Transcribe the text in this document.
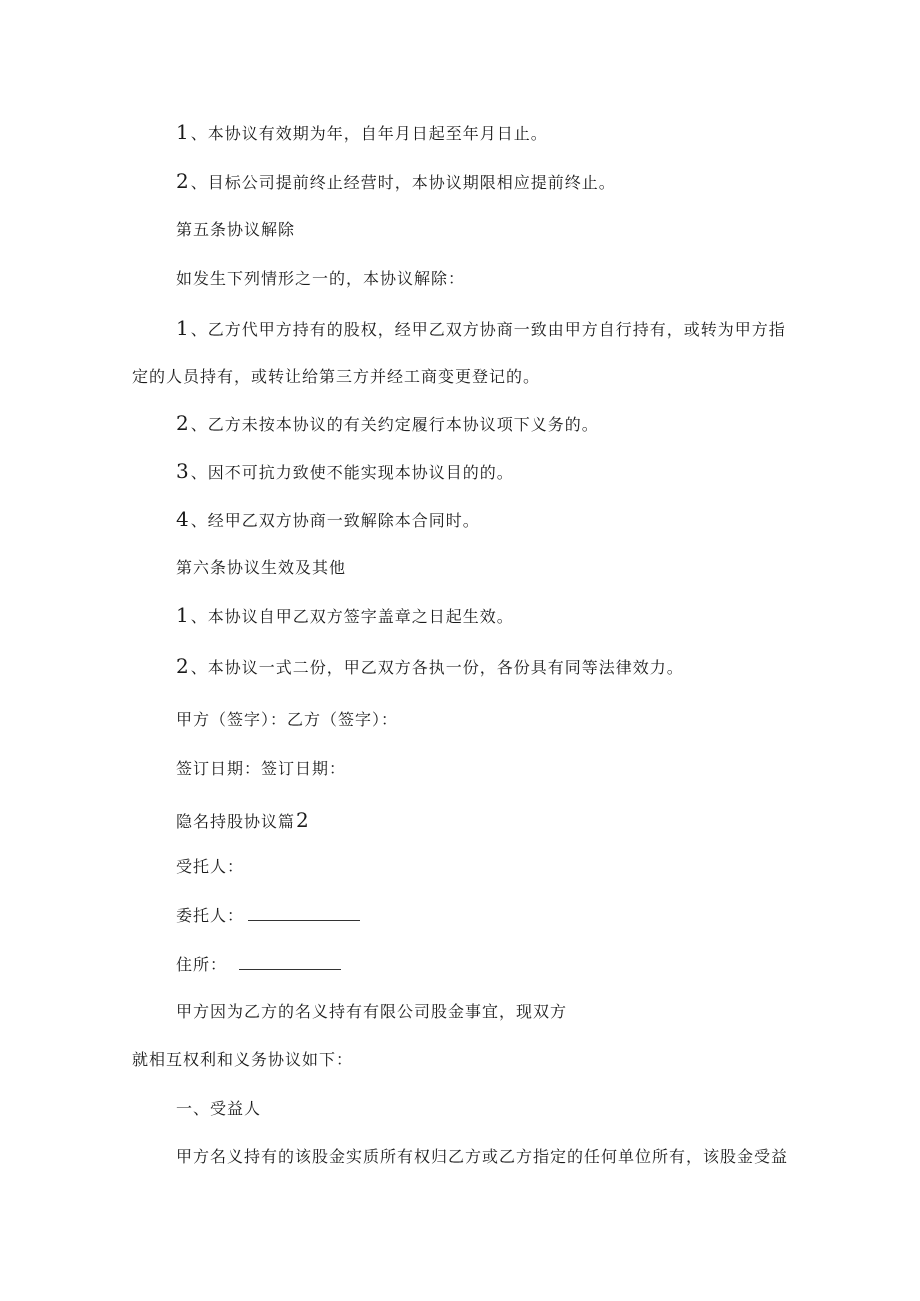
1 、本协议有效期为年，自年月日起至年月日止。
2 、目标公司提前终止经营时，本协议期限相应提前终止。
第五条协议解除
如发生下列情形之一的，本协议解除：
1 、乙方代甲方持有的股权，经甲乙双方协商一致由甲方自行持有，或转为甲方指
定的人员持有，或转让给第三方并经工商变更登记的。
2 、乙方未按本协议的有关约定履行本协议项下义务的。
3 、因不可抗力致使不能实现本协议目的的。
4 、经甲乙双方协商一致解除本合同时。
第六条协议生效及其他
1 、本协议自甲乙双方签字盖章之日起生效。
2 、本协议一式二份，甲乙双方各执一份，各份具有同等法律效力。
甲方（签字）：乙方（签字）：
签订日期：签订日期：
隐名持股协议篇2
受托人：
委托人：
住所：
甲方因为乙方的名义持有有限公司股金事宜，现双方
就相互权利和义务协议如下：
一、受益人
甲方名义持有的该股金实质所有权归乙方或乙方指定的任何单位所有，该股金受益
